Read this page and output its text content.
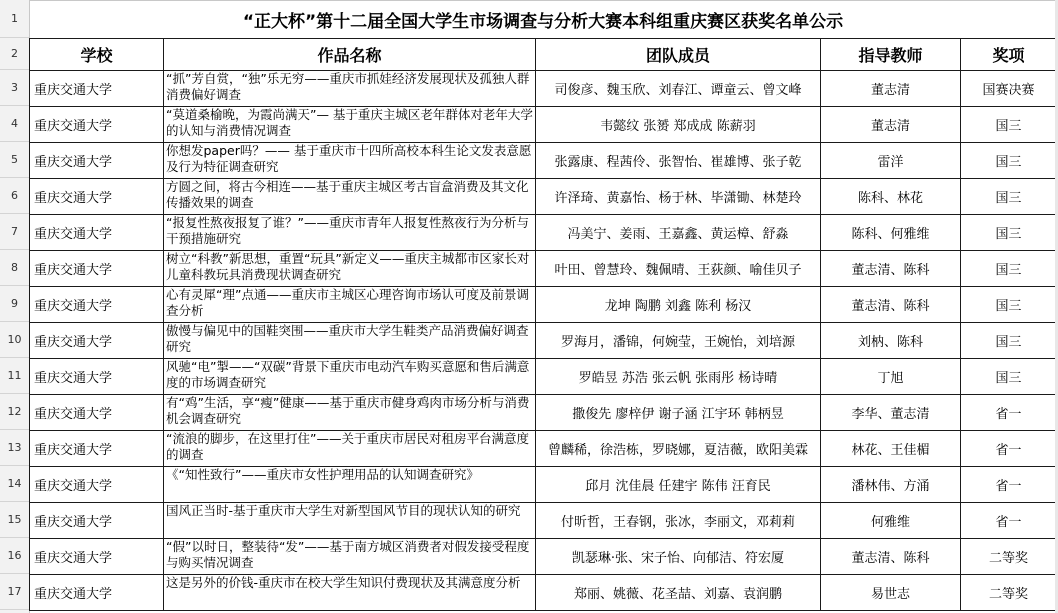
1
2
3
4
5
6
7
8
9
10
11
12
13
14
15
16
17
“正大杯”第十二届全国大学生市场调查与分析大赛本科组重庆赛区获奖名单公示				
学校	作品名称	团队成员	指导教师	奖项
重庆交通大学	“抓”芳自赏，“独”乐无穷——重庆市抓娃经济发展现状及孤独人群消费偏好调查	司俊彦、魏玉欣、刘春江、谭童云、曾文峰	董志清	国赛决赛
重庆交通大学	“莫道桑榆晚，为霞尚满天”— 基于重庆主城区老年群体对老年大学的认知与消费情况调查	韦懿纹 张赟 郑成成 陈薪羽	董志清	国三
重庆交通大学	你想发paper吗？—— 基于重庆市十四所高校本科生论文发表意愿及行为特征调查研究	张露康、程茜伶、张智怡、崔雄博、张子乾	雷洋	国三
重庆交通大学	方圆之间，将古今相连——基于重庆主城区考古盲盒消费及其文化传播效果的调查	许泽琦、黄嘉怡、杨于林、毕潇锄、林楚玲	陈科、林花	国三
重庆交通大学	“报复性熬夜报复了谁？”——重庆市青年人报复性熬夜行为分析与干预措施研究	冯美宁、姜雨、王嘉鑫、黄运樟、舒淼	陈科、何雅维	国三
重庆交通大学	树立“科教”新思想，重置“玩具”新定义——重庆主城都市区家长对儿童科教玩具消费现状调查研究	叶田、曾慧玲、魏佩晴、王荻颜、喻佳贝子	董志清、陈科	国三
重庆交通大学	心有灵犀“理”点通——重庆市主城区心理咨询市场认可度及前景调查分析	龙坤 陶鹏 刘鑫 陈利 杨汉	董志清、陈科	国三
重庆交通大学	傲慢与偏见中的国鞋突围——重庆市大学生鞋类产品消费偏好调查研究	罗海月，潘锦，何婉莹，王婉怡，刘培源	刘枘、陈科	国三
重庆交通大学	风驰“电”掣——“双碳”背景下重庆市电动汽车购买意愿和售后满意度的市场调查研究	罗皓昱 苏浩 张云帆 张雨彤 杨诗晴	丁旭	国三
重庆交通大学	有“鸡”生活，享“瘦”健康——基于重庆市健身鸡肉市场分析与消费机会调查研究	撒俊先 廖梓伊 谢子涵 江宇环 韩柄昱	李华、董志清	省一
重庆交通大学	“流浪的脚步，在这里打住”——关于重庆市居民对租房平台满意度的调查	曾麟稀，徐浩栋，罗晓娜，夏洁薇，欧阳美霖	林花、王佳楣	省一
重庆交通大学	《“知性致行”——重庆市女性护理用品的认知调查研究》	邱月 沈佳晨 任建宇 陈伟 汪育民	潘林伟、方涌	省一
重庆交通大学	国风正当时-基于重庆市大学生对新型国风节目的现状认知的研究	付昕哲，王春钢，张冰，李丽文，邓莉莉	何雅维	省一
重庆交通大学	“假”以时日，整装待“发”——基于南方城区消费者对假发接受程度与购买情况调查	凯瑟琳·张、宋子怡、向郁洁、符宏厦	董志清、陈科	二等奖
重庆交通大学	这是另外的价钱-重庆市在校大学生知识付费现状及其满意度分析	郑丽、姚薇、花圣喆、刘嘉、袁润鹏	易世志	二等奖
